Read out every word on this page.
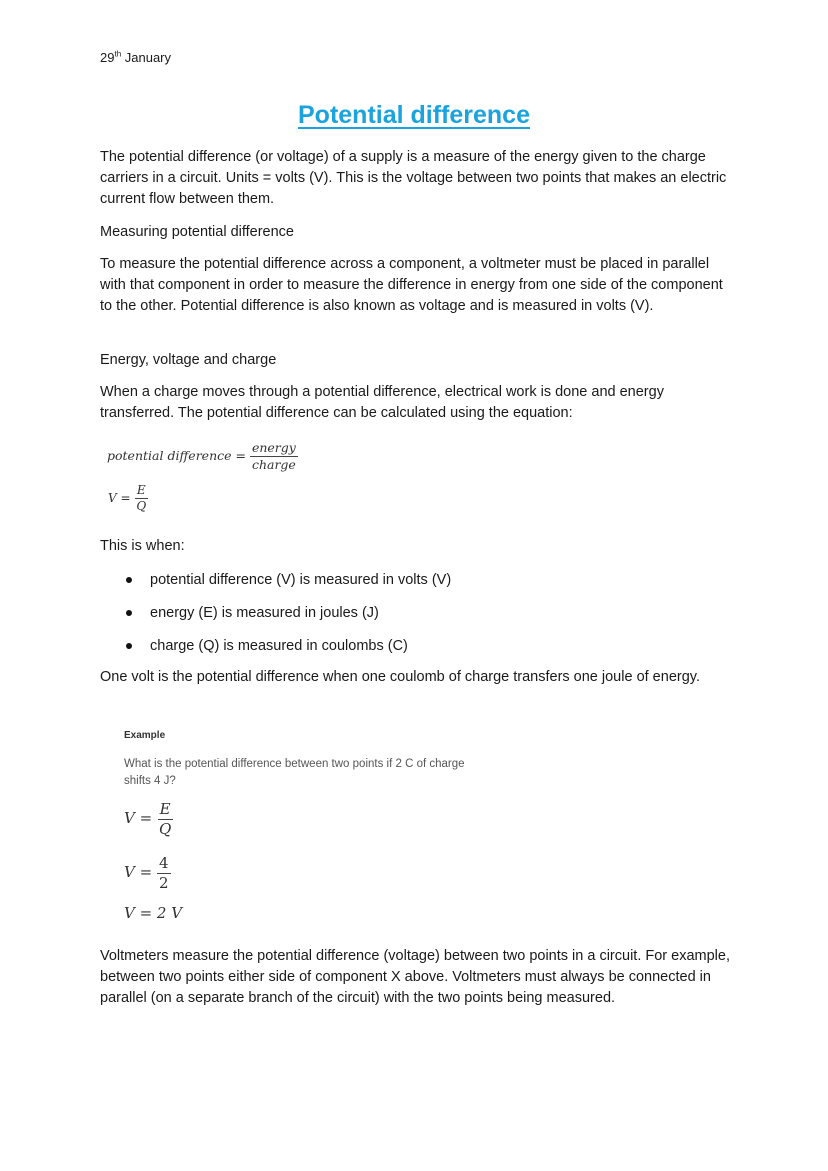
29th January
Potential difference

The potential difference (or voltage) of a supply is a measure of the energy given to the charge carriers in a circuit. Units = volts (V). This is the voltage between two points that makes an electric current flow between them.

Measuring potential difference

To measure the potential difference across a component, a voltmeter must be placed in parallel with that component in order to measure the difference in energy from one side of the component to the other. Potential difference is also known as voltage and is measured in volts (V).

Energy, voltage and charge

When a charge moves through a potential difference, electrical work is done and energy transferred. The potential difference can be calculated using the equation:

potential difference = $\frac{\text{energy}}{\text{charge}}$
$V = \frac{E}{Q}$

This is when:

potential difference (V) is measured in volts (V)
energy (E) is measured in joules (J)
charge (Q) is measured in coulombs (C)

One volt is the potential difference when one coulomb of charge transfers one joule of energy.

Example

What is the potential difference between two points if 2 C of charge shifts 4 J?

$V = \frac{E}{Q}$
$V = \frac{4}{2}$
V = 2 V

Voltmeters measure the potential difference (voltage) between two points in a circuit. For example, between two points either side of component X above. Voltmeters must always be connected in parallel (on a separate branch of the circuit) with the two points being measured.
